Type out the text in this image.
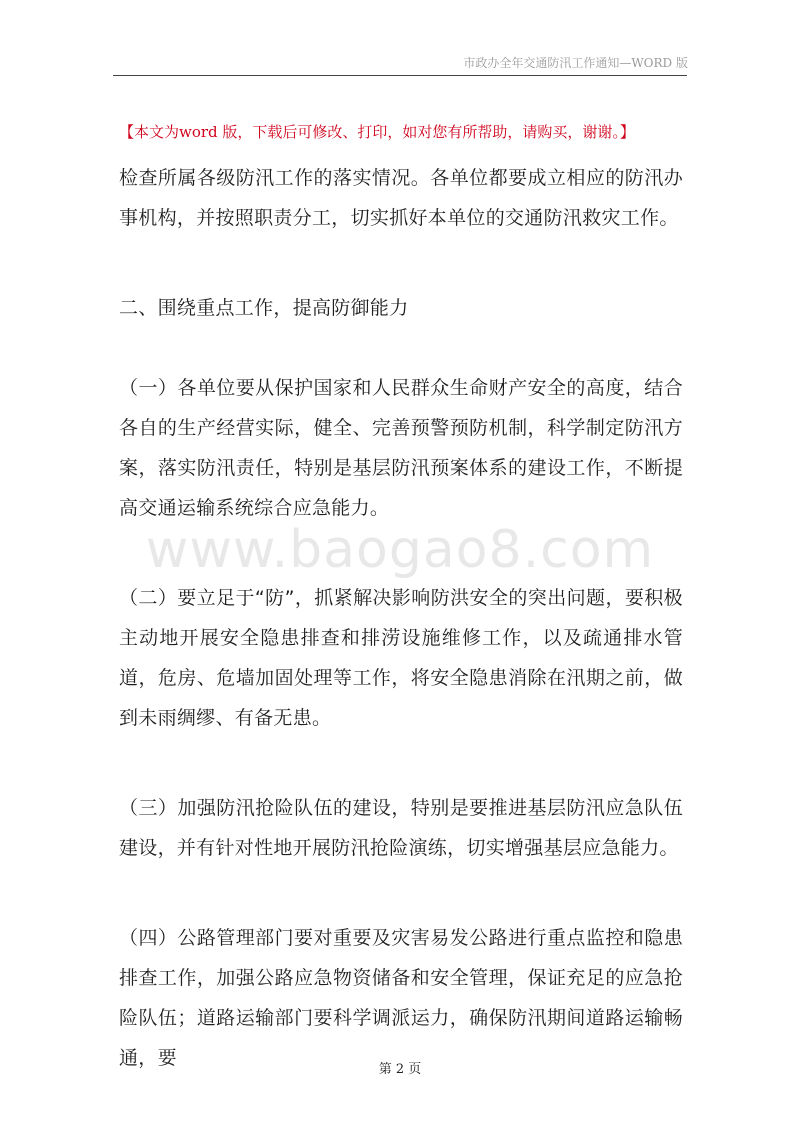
市政办全年交通防汛工作通知—WORD 版
【本文为word 版，下载后可修改、打印，如对您有所帮助，请购买，谢谢。】
检查所属各级防汛工作的落实情况。各单位都要成立相应的防汛办事机构，并按照职责分工，切实抓好本单位的交通防汛救灾工作。
二、围绕重点工作，提高防御能力
（一）各单位要从保护国家和人民群众生命财产安全的高度，结合各自的生产经营实际，健全、完善预警预防机制，科学制定防汛方案，落实防汛责任，特别是基层防汛预案体系的建设工作，不断提高交通运输系统综合应急能力。
（二）要立足于“防”，抓紧解决影响防洪安全的突出问题，要积极主动地开展安全隐患排查和排涝设施维修工作，以及疏通排水管道，危房、危墙加固处理等工作，将安全隐患消除在汛期之前，做到未雨绸缪、有备无患。
（三）加强防汛抢险队伍的建设，特别是要推进基层防汛应急队伍建设，并有针对性地开展防汛抢险演练，切实增强基层应急能力。
（四）公路管理部门要对重要及灾害易发公路进行重点监控和隐患排查工作，加强公路应急物资储备和安全管理，保证充足的应急抢险队伍；道路运输部门要科学调派运力，确保防汛期间道路运输畅通，要
www.baogao8.com
第 2 页
